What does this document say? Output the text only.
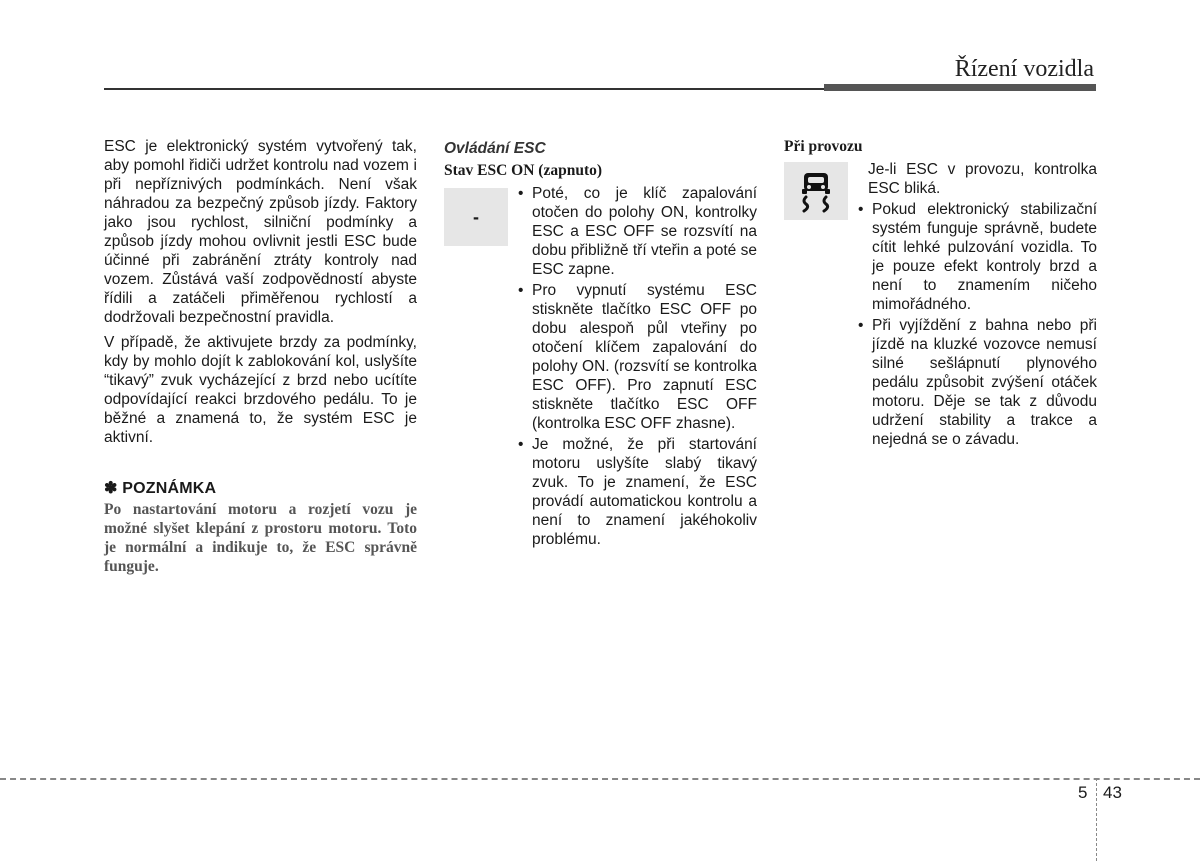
Řízení vozidla

ESC je elektronický systém vytvořený tak, aby pomohl řidiči udržet kontrolu nad vozem i při nepříznivých podmínkách. Není však náhradou za bezpečný způsob jízdy. Faktory jako jsou rychlost, silniční podmínky a způsob jízdy mohou ovlivnit jestli ESC bude účinné při zabránění ztráty kontroly nad vozem. Zůstává vaší zodpovědností abyste řídili a zatáčeli přiměřenou rychlostí a dodržovali bezpečnostní pravidla.

V případě, že aktivujete brzdy za podmínky, kdy by mohlo dojít k zablokování kol, uslyšíte “tikavý” zvuk vycházející z brzd nebo ucítíte odpovídající reakci brzdového pedálu. To je běžné a znamená to, že systém ESC je aktivní.

✽ POZNÁMKA
Po nastartování motoru a rozjetí vozu je možné slyšet klepání z prostoru motoru. Toto je normální a indikuje to, že ESC správně funguje.
Ovládání ESC
Stav ESC ON (zapnuto)
-
• Poté, co je klíč zapalování otočen do polohy ON, kontrolky ESC a ESC OFF se rozsvítí na dobu přibližně tří vteřin a poté se ESC zapne.
• Pro vypnutí systému ESC stiskněte tlačítko ESC OFF po dobu alespoň půl vteřiny po otočení klíčem zapalování do polohy ON. (rozsvítí se kontrolka ESC OFF). Pro zapnutí ESC stiskněte tlačítko ESC OFF (kontrolka ESC OFF zhasne).
• Je možné, že při startování motoru uslyšíte slabý tikavý zvuk. To je znamení, že ESC provádí automatickou kontrolu a není to znamení jakéhokoliv problému.
Při provozu
Je-li ESC v provozu, kontrolka ESC bliká.
• Pokud elektronický stabilizační systém funguje správně, budete cítit lehké pulzování vozidla. To je pouze efekt kontroly brzd a není to znamením ničeho mimořádného.
• Při vyjíždění z bahna nebo při jízdě na kluzké vozovce nemusí silné sešlápnutí plynového pedálu způsobit zvýšení otáček motoru. Děje se tak z důvodu udržení stability a trakce a nejedná se o závadu.
5 43
